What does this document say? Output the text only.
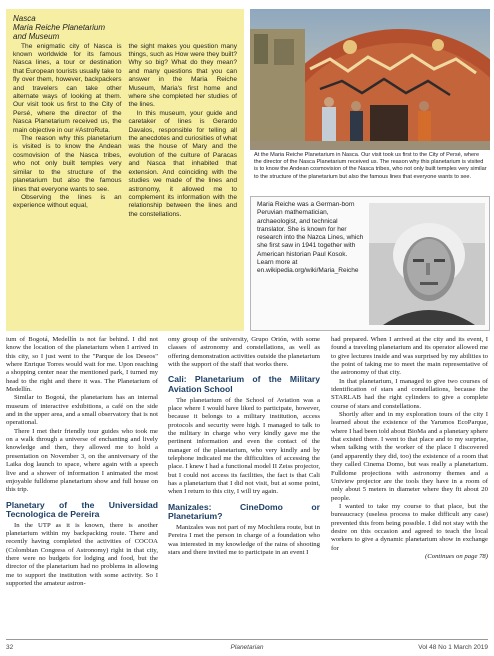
Nasca
Maria Reiche Planetarium
and Museum

The enigmatic city of Nasca is known worldwide for its famous Nasca lines, a tour or destination that European tourists usually take to fly over them, however, backpackers and travelers can take other alternate ways of looking at them. Our visit took us first to the City of Persé, where the director of the Nasca Planetarium received us, the main objective in our #AstroRuta.

The reason why this planetarium is visited is to know the Andean cosmovision of the Nasca tribes, who not only built temples very similar to the structure of the planetarium but also the famous lines that everyone wants to see.

Observing the lines is an experience without equal,

the sight makes you question many things, such as How were they built? Why so big? What do they mean? and many questions that you can answer in the Maria Reiche Museum, Maria's first home and where she completed her studies of the lines.

In this museum, your guide and caretaker of lines is Gerardo Davalos, responsible for telling all the anecdotes and curiosities of what was the house of Mary and the evolution of the culture of Paracas and Nasca that inhabited that extension. And coinciding with the studies we made of the lines and astronomy, it allowed me to complement its information with the relationship between the lines and the constellations.

At the Maria Reiche Planetarium in Nasca. Our visit took us first to the City of Persé, where the director of the Nasca Planetarium received us. The reason why this planetarium is visited is to know the Andean cosmovision of the Nasca tribes, who not only built temples very similar to the structure of the planetarium but also the famous lines that everyone wants to see.
Maria Reiche was a German-born Peruvian mathematician, archaeologist, and technical translator. She is known for her research into the Nazca Lines, which she first saw in 1941 together with American historian Paul Kosok. Learn more at en.wikipedia.org/wiki/Maria_Reiche

ium of Bogotá, Medellín is not far behind. I did not know the location of the planetarium when I arrived in this city, so I just went to the "Parque de los Deseos" where Enrique Torres would wait for me. Upon reaching a shopping center near the mentioned park, I turned my head to the right and there it was. The Planetarium of Medellín.

Similar to Bogotá, the planetarium has an internal museum of interactive exhibitions, a café on the side and in the upper area, and a small observatory that is not operational.

There I met their friendly tour guides who took me on a walk through a universe of enchanting and lively knowledge and then, they allowed me to hold a presentation on November 3, on the anniversary of the Laika dog launch to space, where again with a speech live and a shower of information I animated the most enjoyable fulldome planetarium show and full house on this trip.

Planetary of the Universidad Tecnologica de Pereira

In the UTP as it is known, there is another planetarium within my backpacking route. There and recently having completed the activities of COCOA (Colombian Congress of Astronomy) right in that city, there were no budgets for lodging and food, but the director of the planetarium had no problems in allowing me to support the institution with some activity. So I supported the amateur astron-

omy group of the university, Grupo Orión, with some classes of astronomy and constellations, as well as offering demonstration activities outside the planetarium with the support of the staff that works there.

Cali: Planetarium of the Military Aviation School

The planetarium of the School of Aviation was a place where I would have liked to participate, however, because it belongs to a military institution, access protocols and security were high. I managed to talk to the military in charge who very kindly gave me the pertinent information and even the contact of the manager of the planetarium, who very kindly and by telephone indicated me the difficulties of accessing the place. I knew I had a functional model II Zeiss projector, but I could not access its facilities, the fact is that Cali has a planetarium that I did not visit, but at some point, when I return to this city, I will try again.

Manizales: CineDomo or Planetarium?

Manizales was not part of my Mochilera route, but in Pereira I met the person in charge of a foundation who was interested in my knowledge of the rains of shooting stars and there invited me to participate in an event I

had prepared. When I arrived at the city and its event, I found a traveling planetarium and its operator allowed me to give lectures inside and was surprised by my abilities to the point of taking me to meet the main representative of the astronomy of that city.

In that planetarium, I managed to give two courses of identification of stars and constellations, because the STARLAB had the right cylinders to give a complete course of stars and constellations.

Shortly after and in my exploration tours of the city I learned about the existence of the Yarumos EcoParque, where I had been told about BioMa and a planetary sphere that existed there. I went to that place and to my surprise, when talking with the worker of the place I discovered (and apparently they did, too) the existence of a room that they called Cinema Domo, but was really a planetarium. Fulldome projections with astronomy themes and a Uniview projector are the tools they have in a room of only about 5 meters in diameter where they fit about 20 people.

I wanted to take my course to that place, but the bureaucracy (useless process to make difficult any case) prevented this from being possible. I did not stay with the desire on this occasion and agreed to teach the local workers to give a dynamic planetarium show in exchange for

(Continues on page 78)
32	Planetarian	Vol 48 No 1 March 2019
